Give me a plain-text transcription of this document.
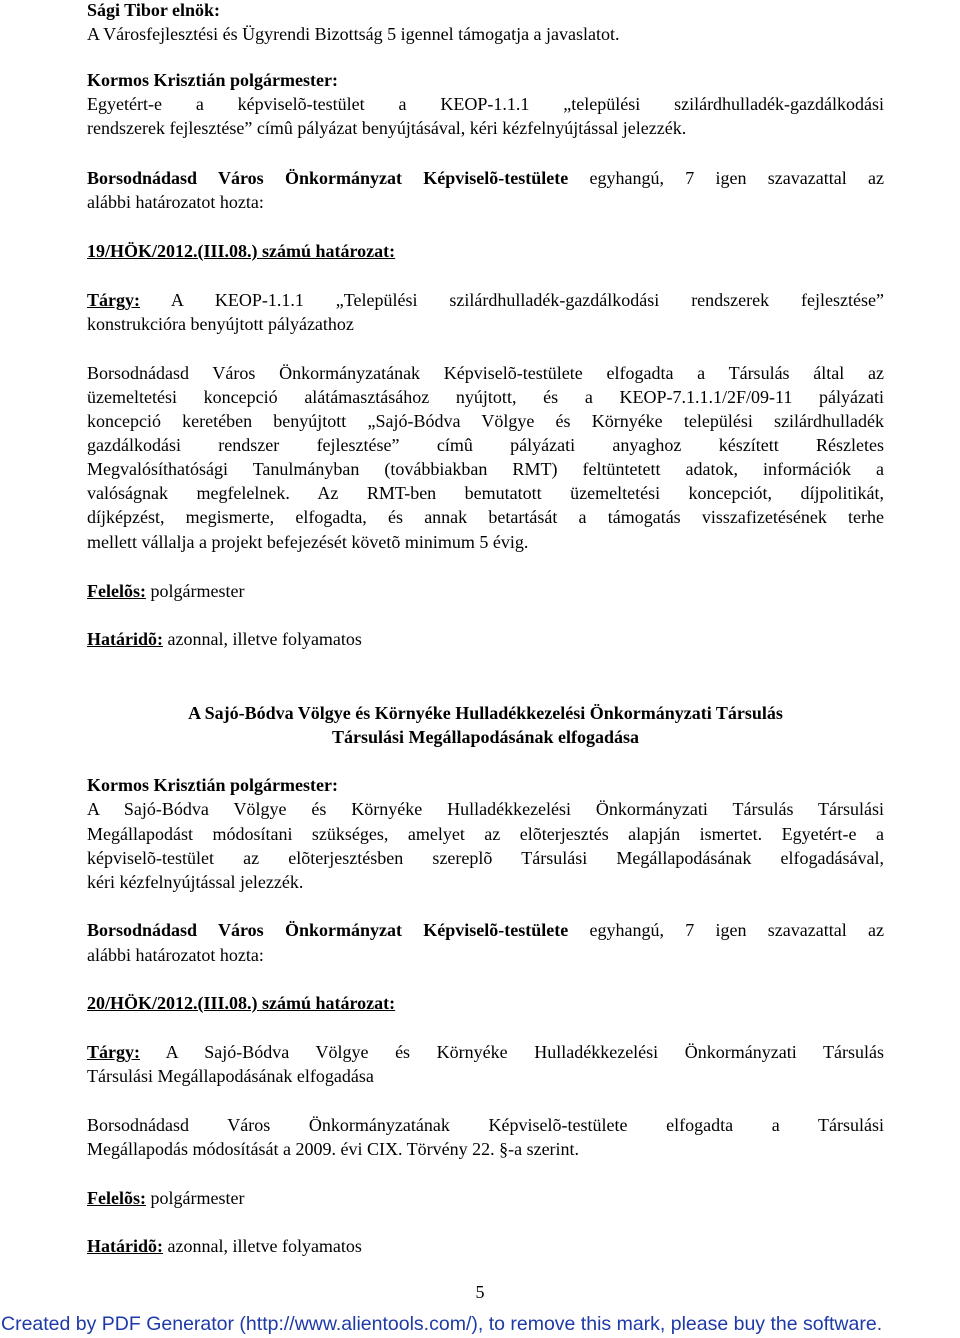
Sági Tibor elnök:

A Városfejlesztési és Ügyrendi Bizottság 5 igennel támogatja a javaslatot.

Kormos Krisztián polgármester:

Egyetért-e a képviselõ-testület a KEOP-1.1.1 „települési szilárdhulladék-gazdálkodási

rendszerek fejlesztése” címû pályázat benyújtásával, kéri kézfelnyújtással jelezzék.

Borsodnádasd Város Önkormányzat Képviselõ-testülete egyhangú, 7 igen szavazattal az

alábbi határozatot hozta:

19/HÖK/2012.(III.08.) számú határozat:

Tárgy: A KEOP-1.1.1 „Települési szilárdhulladék-gazdálkodási rendszerek fejlesztése”

konstrukcióra benyújtott pályázathoz

Borsodnádasd Város Önkormányzatának Képviselõ-testülete elfogadta a Társulás által az

üzemeltetési koncepció alátámasztásához nyújtott, és a KEOP-7.1.1.1/2F/09-11 pályázati

koncepció keretében benyújtott „Sajó-Bódva Völgye és Környéke települési szilárdhulladék

gazdálkodási rendszer fejlesztése” címû pályázati anyaghoz készített Részletes

Megvalósíthatósági Tanulmányban (továbbiakban RMT) feltüntetett adatok, információk a

valóságnak megfelelnek. Az RMT-ben bemutatott üzemeltetési koncepciót, díjpolitikát,

díjképzést, megismerte, elfogadta, és annak betartását a támogatás visszafizetésének terhe

mellett vállalja a projekt befejezését követõ minimum 5 évig.

Felelõs: polgármester

Határidõ: azonnal, illetve folyamatos

A Sajó-Bódva Völgye és Környéke Hulladékkezelési Önkormányzati Társulás

Társulási Megállapodásának elfogadása

Kormos Krisztián polgármester:

A Sajó-Bódva Völgye és Környéke Hulladékkezelési Önkormányzati Társulás Társulási

Megállapodást módosítani szükséges, amelyet az elõterjesztés alapján ismertet. Egyetért-e a

képviselõ-testület az elõterjesztésben szereplõ Társulási Megállapodásának elfogadásával,

kéri kézfelnyújtással jelezzék.

Borsodnádasd Város Önkormányzat Képviselõ-testülete egyhangú, 7 igen szavazattal az

alábbi határozatot hozta:

20/HÖK/2012.(III.08.) számú határozat:

Tárgy: A Sajó-Bódva Völgye és Környéke Hulladékkezelési Önkormányzati Társulás

Társulási Megállapodásának elfogadása

Borsodnádasd Város Önkormányzatának Képviselõ-testülete elfogadta a Társulási

Megállapodás módosítását a 2009. évi CIX. Törvény 22. §-a szerint.

Felelõs: polgármester

Határidõ: azonnal, illetve folyamatos

5
Created by PDF Generator (http://www.alientools.com/), to remove this mark, please buy the software.
